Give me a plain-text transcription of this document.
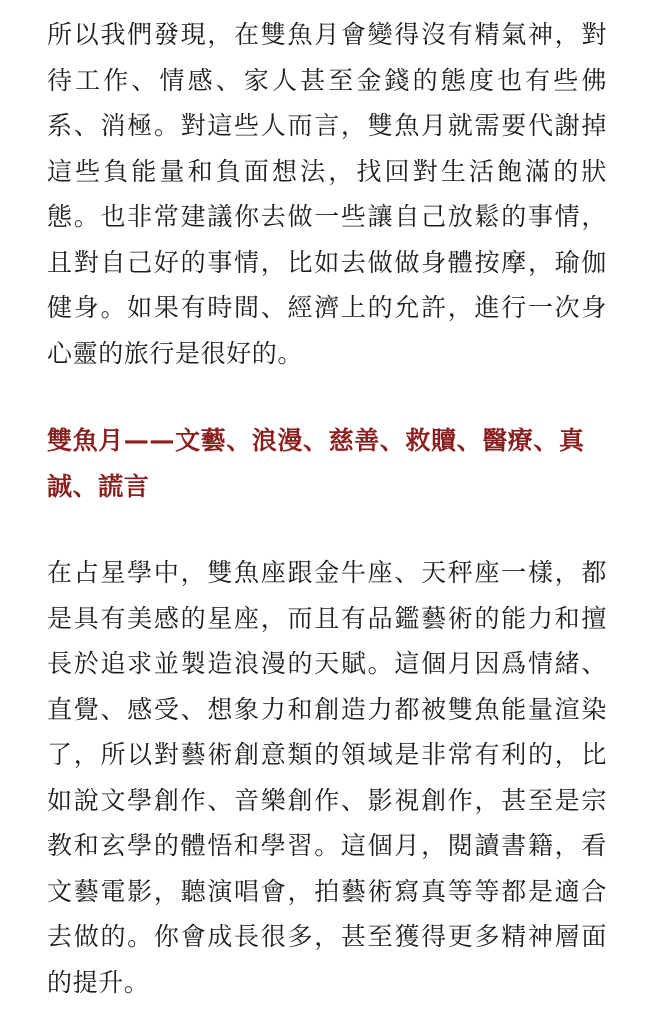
所以我們發現，在雙魚月會變得沒有精氣神，對待工作、情感、家人甚至金錢的態度也有些佛系、消極。對這些人而言，雙魚月就需要代謝掉這些負能量和負面想法，找回對生活飽滿的狀態。也非常建議你去做一些讓自己放鬆的事情，且對自己好的事情，比如去做做身體按摩，瑜伽健身。如果有時間、經濟上的允許，進行一次身心靈的旅行是很好的。

雙魚月——文藝、浪漫、慈善、救贖、醫療、真誠、謊言

在占星學中，雙魚座跟金牛座、天秤座一樣，都是具有美感的星座，而且有品鑑藝術的能力和擅長於追求並製造浪漫的天賦。這個月因爲情緒、直覺、感受、想象力和創造力都被雙魚能量渲染了，所以對藝術創意類的領域是非常有利的，比如說文學創作、音樂創作、影視創作，甚至是宗教和玄學的體悟和學習。這個月，閱讀書籍，看文藝電影，聽演唱會，拍藝術寫真等等都是適合去做的。你會成長很多，甚至獲得更多精神層面的提升。
